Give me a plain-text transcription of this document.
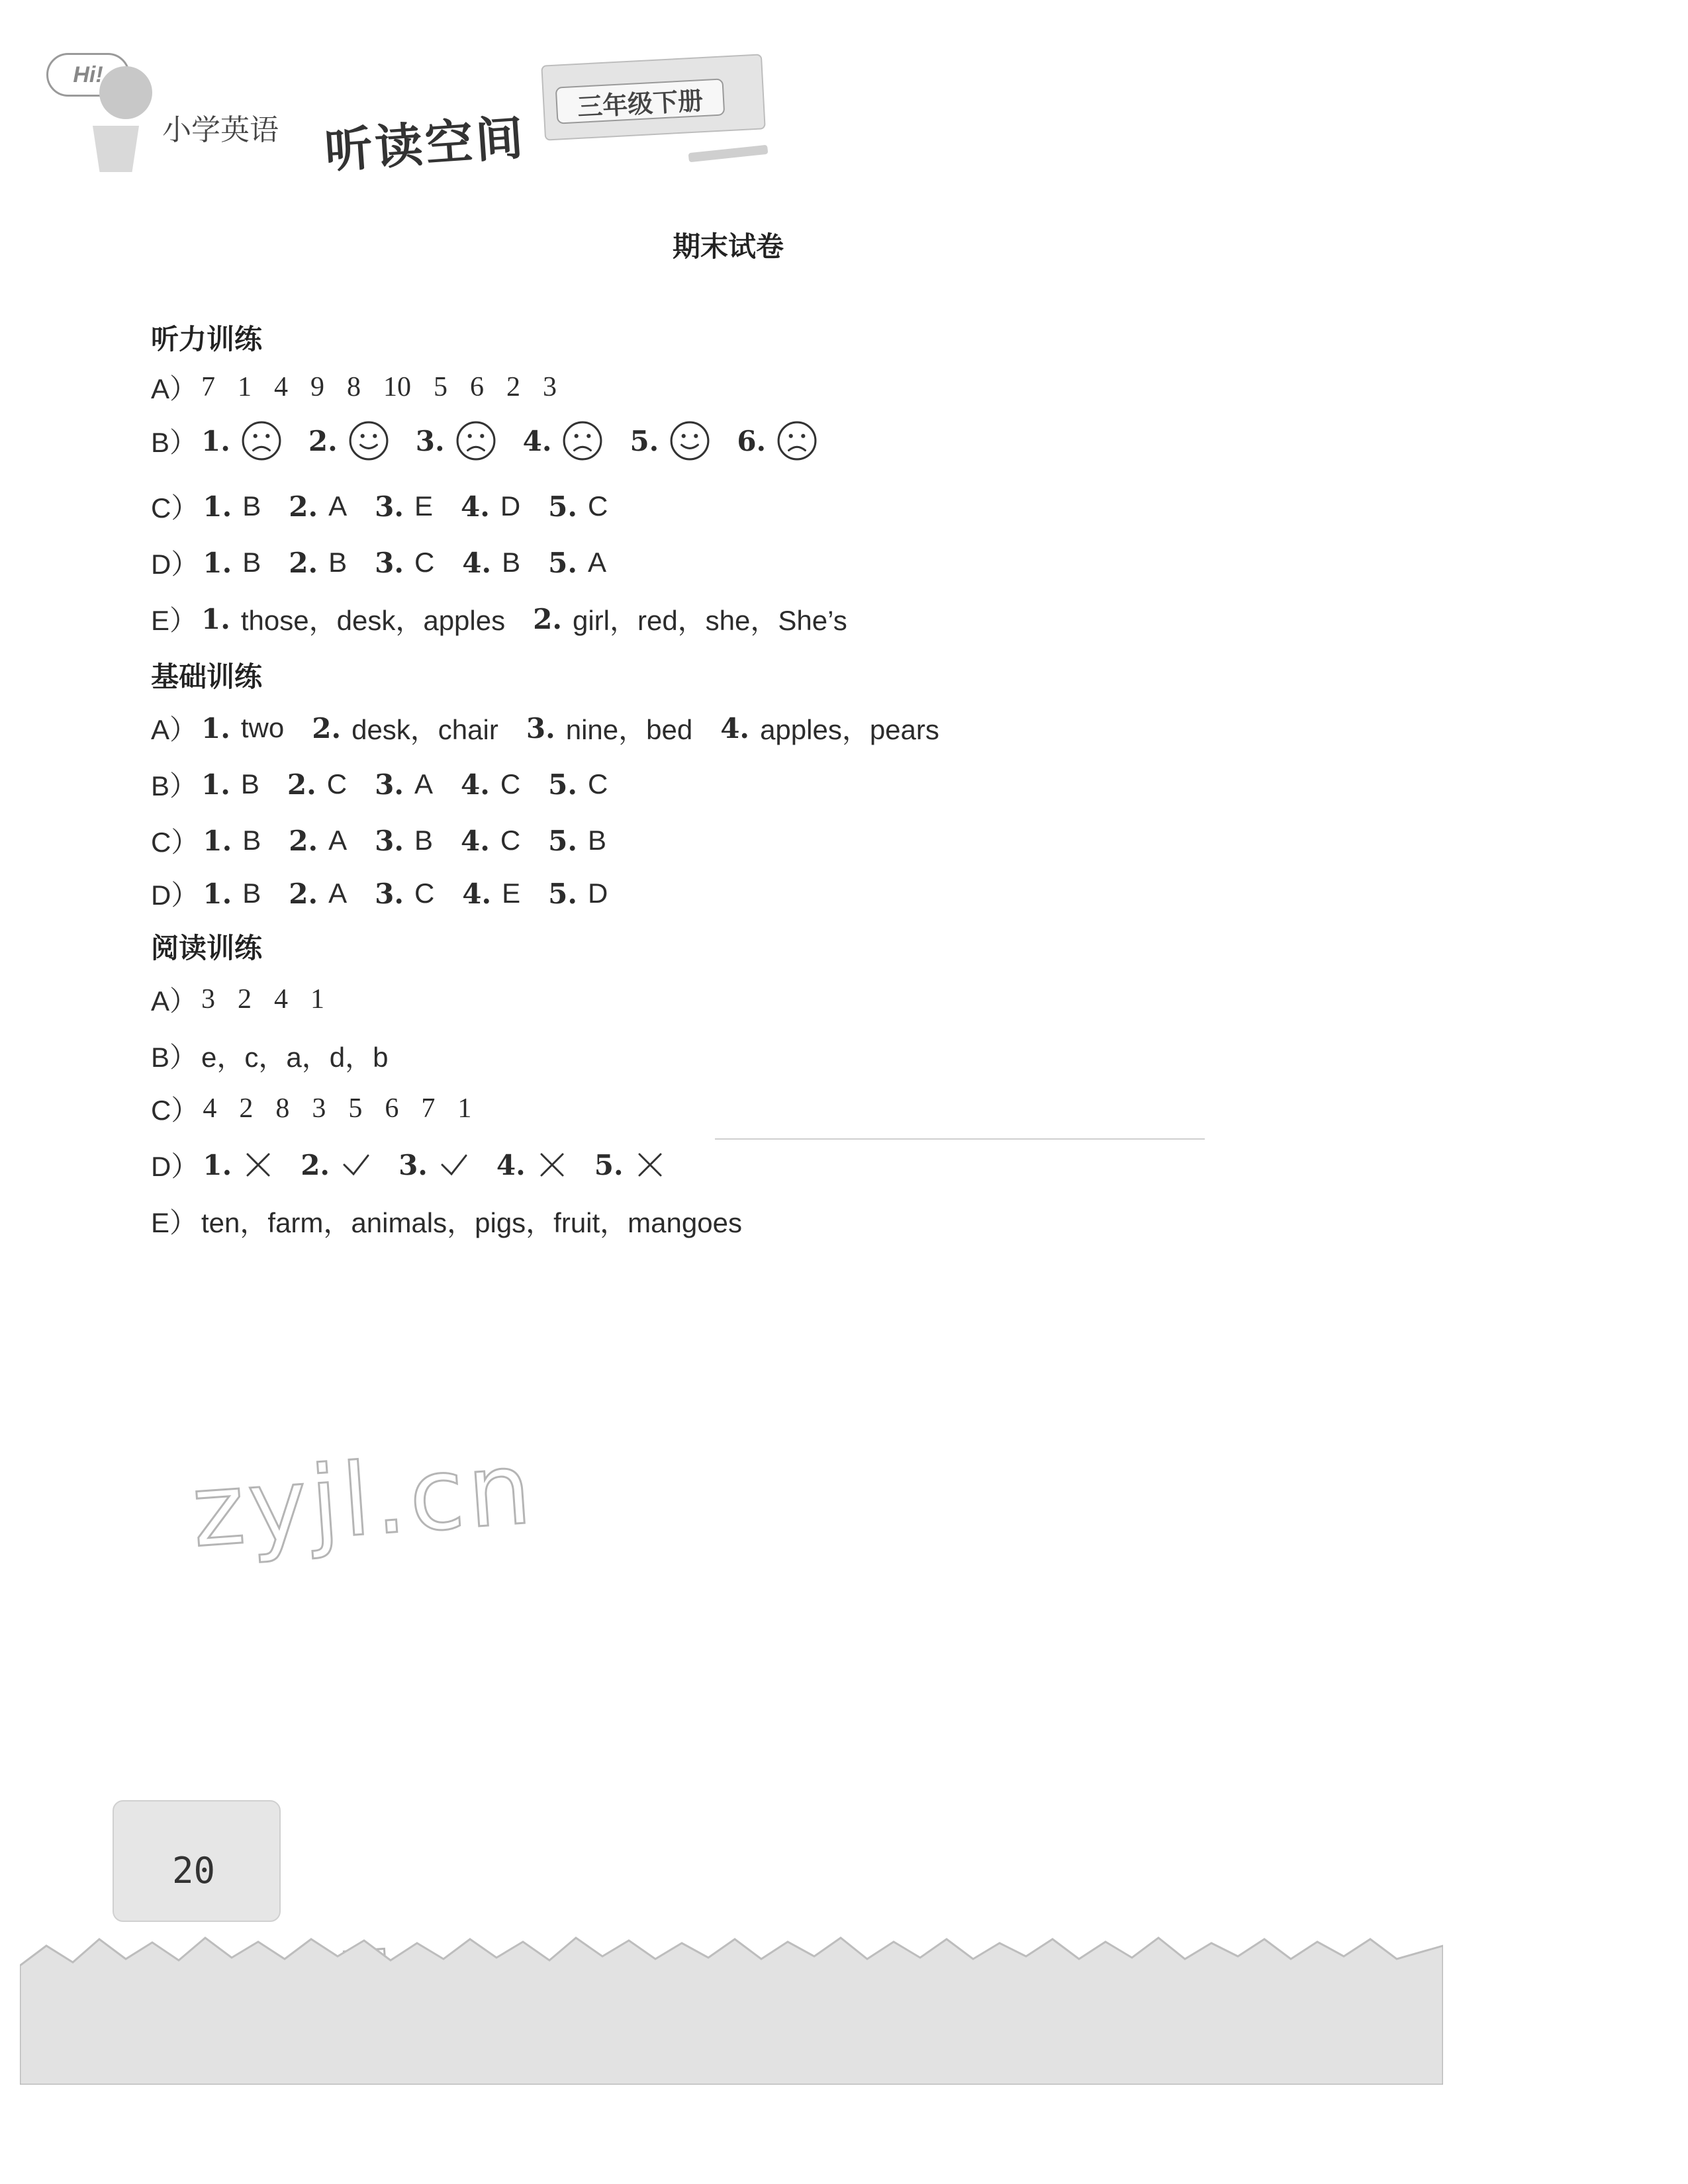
Hi!
小学英语 听读空间
三年级下册
期末试卷
听力训练
A） 7 1 4 9 8 10 5 6 2 3
B） 1.	2.	3.	4.	5.	6.
C） 1. B 2. A 3. E 4. D 5. C
D） 1. B 2. B 3. C 4. B 5. A
E） 1. those，desk，apples 2. girl，red，she，She’s
基础训练
A） 1. two 2. desk，chair 3. nine，bed 4. apples，pears
B） 1. B 2. C 3. A 4. C 5. C
C） 1. B 2. A 3. B 4. C 5. B
D） 1. B 2. A 3. C 4. E 5. D
阅读训练
A） 3 2 4 1
B） e，c，a，d，b
C） 4 2 8 3 5 6 7 1
D） 1. 2. 3. 4. 5.
E） ten，farm，animals，pigs，fruit，mangoes
zyjl.cn
20
